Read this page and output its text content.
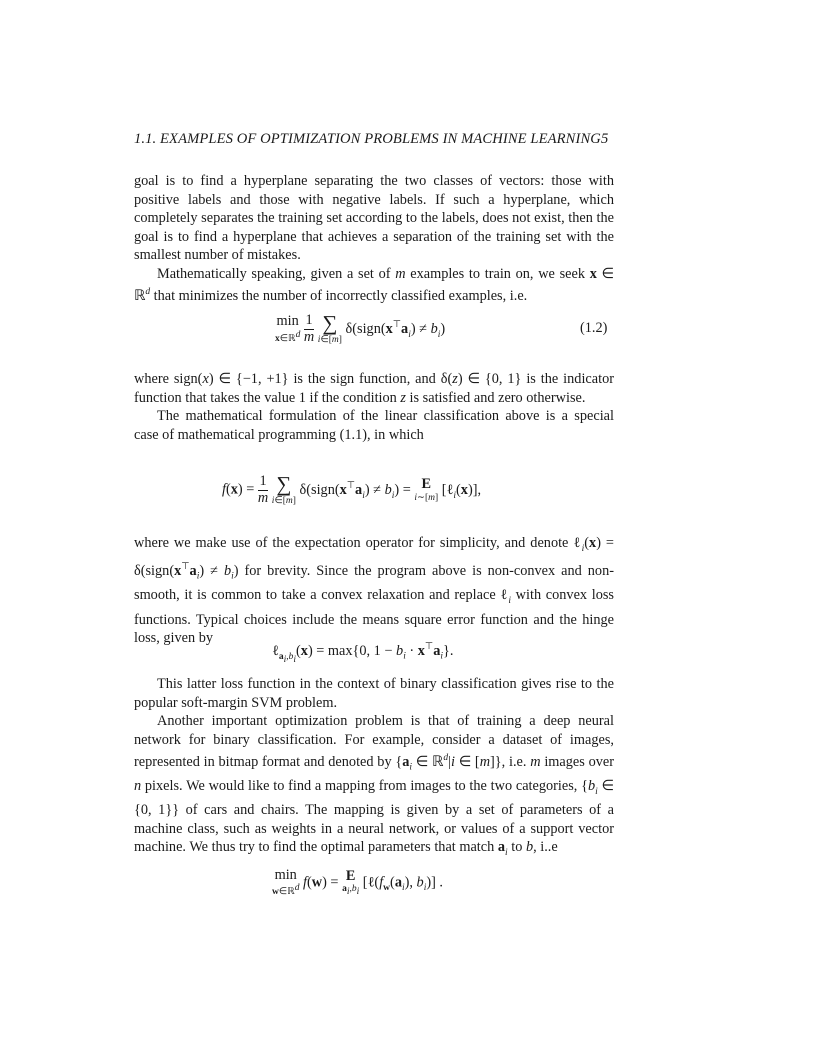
1.1. EXAMPLES OF OPTIMIZATION PROBLEMS IN MACHINE LEARNING5

goal is to find a hyperplane separating the two classes of vectors: those with positive labels and those with negative labels. If such a hyperplane, which completely separates the training set according to the labels, does not exist, then the goal is to find a hyperplane that achieves a separation of the training set with the smallest number of mistakes.

Mathematically speaking, given a set of m examples to train on, we seek x ∈ ℝ$^d$ that minimizes the number of incorrectly classified examples, i.e.

min
x∈ℝ$^d$
$\frac{1}{m}$
∑
i∈[m]
$\delta(sign(x^⊤a_i) \ne b_i)$	(1.2)

where sign(x) ∈ {−1, +1} is the sign function, and δ(z) ∈ {0, 1} is the indicator function that takes the value 1 if the condition z is satisfied and zero otherwise.

The mathematical formulation of the linear classification above is a special case of mathematical programming (1.1), in which

$f(x) = \frac{1}{m}$
∑
i∈[m]
$\delta(sign(x^⊤a_i) \ne b_i) = E$
i∼[m]
[ℓ$_i$(x)],

where we make use of the expectation operator for simplicity, and denote ℓ$_i$(x) = $\delta(sign(x^⊤a_i) \ne b_i)$ for brevity. Since the program above is non-convex and non-smooth, it is common to take a convex relaxation and replace ℓ$_i$ with convex loss functions. Typical choices include the means square error function and the hinge loss, given by

ℓ$_{a_i,b_i}$(x) = max{0, $1 - b_i \cdot x^⊤a_i$}.

This latter loss function in the context of binary classification gives rise to the popular soft-margin SVM problem.

Another important optimization problem is that of training a deep neural network for binary classification. For example, consider a dataset of images, represented in bitmap format and denoted by {$a_i$ ∈ ℝ$^d$|i ∈ [m]}, i.e. m images over n pixels. We would like to find a mapping from images to the two categories, {$b_i$ ∈ {0, 1}} of cars and chairs. The mapping is given by a set of parameters of a machine class, such as weights in a neural network, or values of a support vector machine. We thus try to find the optimal parameters that match $a_i$ to b, i..e

min
w∈ℝ$^d$ f(w) = E
$a_i,b_i$
[$\ell(f_w(a_i)$, $b_i$)] .
